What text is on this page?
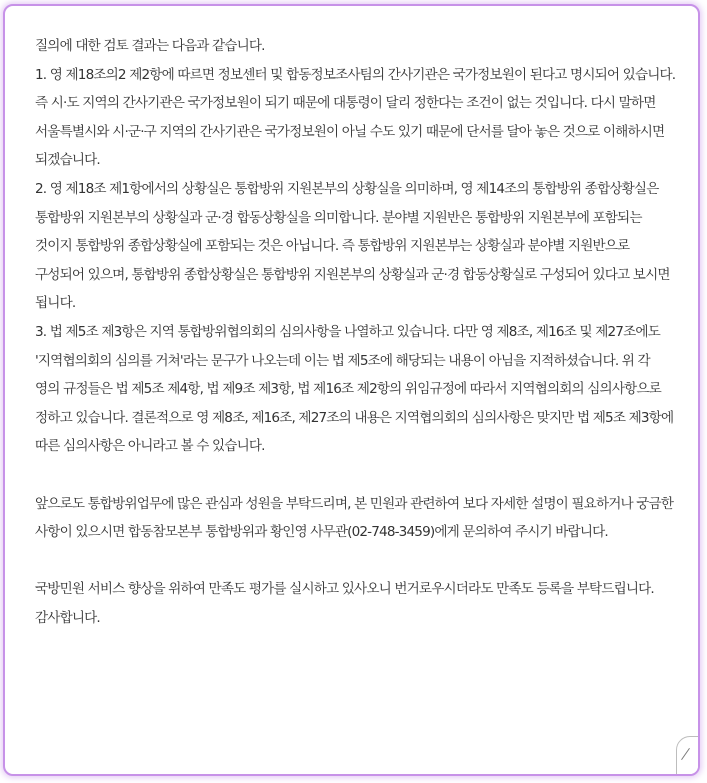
질의에 대한 검토 결과는 다음과 같습니다.

1. 영 제18조의2 제2항에 따르면 정보센터 및 합동정보조사팀의 간사기관은 국가정보원이 된다고 명시되어 있습니다. 즉 시·도 지역의 간사기관은 국가정보원이 되기 때문에 대통령이 달리 정한다는 조건이 없는 것입니다. 다시 말하면 서울특별시와 시·군·구 지역의 간사기관은 국가정보원이 아닐 수도 있기 때문에 단서를 달아 놓은 것으로 이해하시면 되겠습니다.

2. 영 제18조 제1항에서의 상황실은 통합방위 지원본부의 상황실을 의미하며, 영 제14조의 통합방위 종합상황실은 통합방위 지원본부의 상황실과 군·경 합동상황실을 의미합니다. 분야별 지원반은 통합방위 지원본부에 포함되는 것이지 통합방위 종합상황실에 포함되는 것은 아닙니다. 즉 통합방위 지원본부는 상황실과 분야별 지원반으로 구성되어 있으며, 통합방위 종합상황실은 통합방위 지원본부의 상황실과 군·경 합동상황실로 구성되어 있다고 보시면 됩니다.

3. 법 제5조 제3항은 지역 통합방위협의회의 심의사항을 나열하고 있습니다. 다만 영 제8조, 제16조 및 제27조에도 '지역협의회의 심의를 거쳐'라는 문구가 나오는데 이는 법 제5조에 해당되는 내용이 아님을 지적하셨습니다. 위 각 영의 규정들은 법 제5조 제4항, 법 제9조 제3항, 법 제16조 제2항의 위임규정에 따라서 지역협의회의 심의사항으로 정하고 있습니다. 결론적으로 영 제8조, 제16조, 제27조의 내용은 지역협의회의 심의사항은 맞지만 법 제5조 제3항에 따른 심의사항은 아니라고 볼 수 있습니다.

앞으로도 통합방위업무에 많은 관심과 성원을 부탁드리며, 본 민원과 관련하여 보다 자세한 설명이 필요하거나 궁금한 사항이 있으시면 합동참모본부 통합방위과 황인영 사무관(02-748-3459)에게 문의하여 주시기 바랍니다.

국방민원 서비스 향상을 위하여 만족도 평가를 실시하고 있사오니 번거로우시더라도 만족도 등록을 부탁드립니다.

감사합니다.
